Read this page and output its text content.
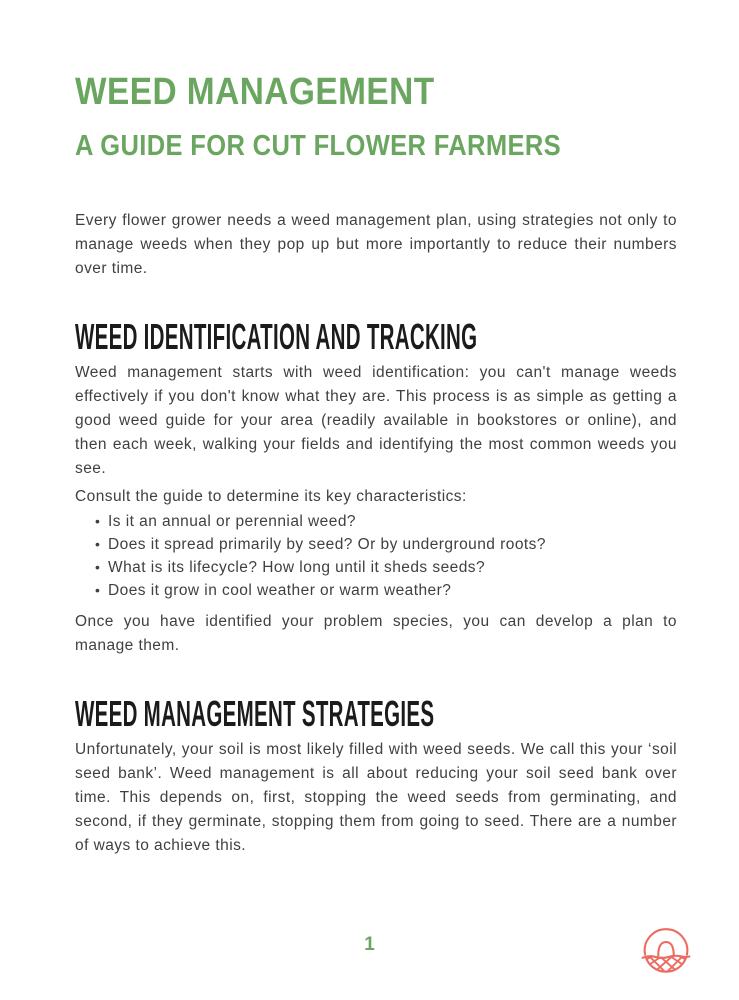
WEED MANAGEMENT
A GUIDE FOR CUT FLOWER FARMERS

Every flower grower needs a weed management plan, using strategies not only to manage weeds when they pop up but more importantly to reduce their numbers over time.

WEED IDENTIFICATION AND TRACKING

Weed management starts with weed identification: you can't manage weeds effectively if you don't know what they are. This process is as simple as getting a good weed guide for your area (readily available in bookstores or online), and then each week, walking your fields and identifying the most common weeds you see.

Consult the guide to determine its key characteristics:

• Is it an annual or perennial weed?
• Does it spread primarily by seed? Or by underground roots?
• What is its lifecycle? How long until it sheds seeds?
• Does it grow in cool weather or warm weather?

Once you have identified your problem species, you can develop a plan to manage them.

WEED MANAGEMENT STRATEGIES

Unfortunately, your soil is most likely filled with weed seeds. We call this your ‘soil seed bank’. Weed management is all about reducing your soil seed bank over time. This depends on, first, stopping the weed seeds from germinating, and second, if they germinate, stopping them from going to seed. There are a number of ways to achieve this.

1
